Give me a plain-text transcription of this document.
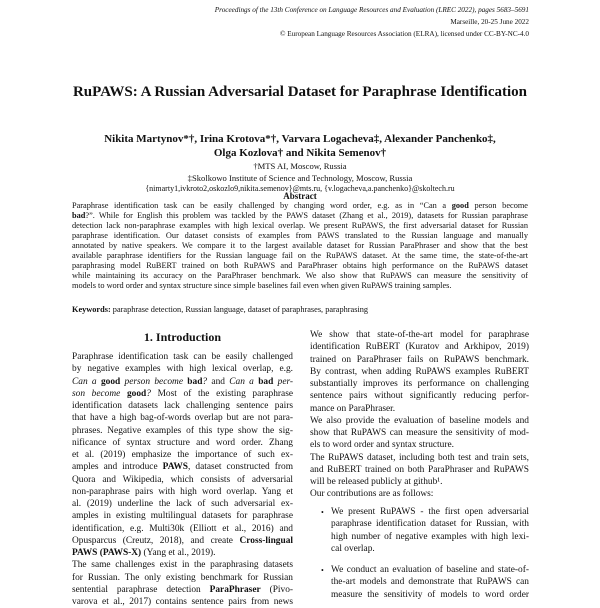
Proceedings of the 13th Conference on Language Resources and Evaluation (LREC 2022), pages 5683–5691
Marseille, 20-25 June 2022
© European Language Resources Association (ELRA), licensed under CC-BY-NC-4.0
RuPAWS: A Russian Adversarial Dataset for Paraphrase Identification
Nikita Martynov*†, Irina Krotova*†, Varvara Logacheva‡, Alexander Panchenko‡,
Olga Kozlova† and Nikita Semenov†
†MTS AI, Moscow, Russia
‡Skolkowo Institute of Science and Technology, Moscow, Russia
{nimarty1,ivkroto2,oskozlo9,nikita.semenov}@mts.ru, {v.logacheva,a.panchenko}@skoltech.ru
Abstract
Paraphrase identification task can be easily challenged by changing word order, e.g. as in “Can a good person become
bad?”. While for English this problem was tackled by the PAWS dataset (Zhang et al., 2019), datasets for Russian paraphrase
detection lack non-paraphrase examples with high lexical overlap. We present RuPAWS, the first adversarial dataset for Russian
paraphrase identification. Our dataset consists of examples from PAWS translated to the Russian language and manually
annotated by native speakers. We compare it to the largest available dataset for Russian ParaPhraser and show that the best
available paraphrase identifiers for the Russian language fail on the RuPAWS dataset. At the same time, the state-of-the-art
paraphrasing model RuBERT trained on both RuPAWS and ParaPhraser obtains high performance on the RuPAWS dataset
while maintaining its accuracy on the ParaPhraser benchmark. We also show that RuPAWS can measure the sensitivity of
models to word order and syntax structure since simple baselines fail even when given RuPAWS training samples.
Keywords: paraphrase detection, Russian language, dataset of paraphrases, paraphrasing
1. Introduction
Paraphrase identification task can be easily challenged
by negative examples with high lexical overlap, e.g.
Can a good person become bad? and Can a bad per-
son become good? Most of the existing paraphrase
identification datasets lack challenging sentence pairs
that have a high bag-of-words overlap but are not para-
phrases. Negative examples of this type show the sig-
nificance of syntax structure and word order. Zhang
et al. (2019) emphasize the importance of such ex-
amples and introduce PAWS, dataset constructed from
Quora and Wikipedia, which consists of adversarial
non-paraphrase pairs with high word overlap. Yang et
al. (2019) underline the lack of such adversarial ex-
amples in existing multilingual datasets for paraphrase
identification, e.g. Multi30k (Elliott et al., 2016) and
Opusparcus (Creutz, 2018), and create Cross-lingual
PAWS (PAWS-X) (Yang et al., 2019).
The same challenges exist in the paraphrasing datasets
for Russian. The only existing benchmark for Russian
sentential paraphrase detection ParaPhraser (Pivo-
varova et al., 2017) contains sentence pairs from news
We show that state-of-the-art model for paraphrase
identification RuBERT (Kuratov and Arkhipov, 2019)
trained on ParaPhraser fails on RuPAWS benchmark.
By contrast, when adding RuPAWS examples RuBERT
substantially improves its performance on challenging
sentence pairs without significantly reducing perfor-
mance on ParaPhraser.
We also provide the evaluation of baseline models and
show that RuPAWS can measure the sensitivity of mod-
els to word order and syntax structure.
The RuPAWS dataset, including both test and train sets,
and RuBERT trained on both ParaPhraser and RuPAWS
will be released publicly at github¹.
Our contributions are as follows:
• We present RuPAWS - the first open adversarial
paraphrase identification dataset for Russian, with
high number of negative examples with high lexi-
cal overlap.
• We conduct an evaluation of baseline and state-of-
the-art models and demonstrate that RuPAWS can
measure the sensitivity of models to word order
